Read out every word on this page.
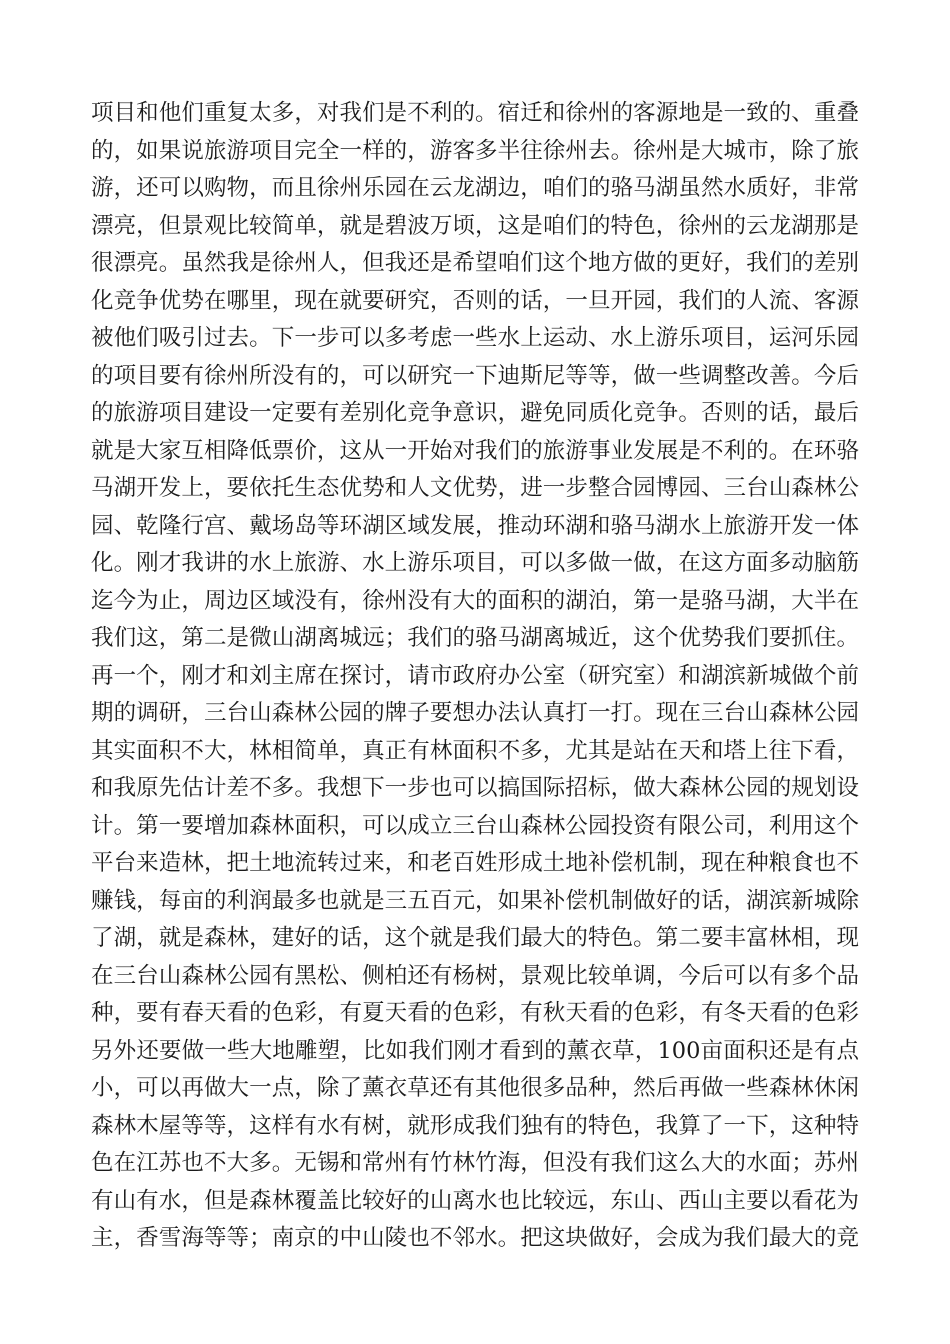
项目和他们重复太多，对我们是不利的。宿迁和徐州的客源地是一致的、重叠
的，如果说旅游项目完全一样的，游客多半往徐州去。徐州是大城市，除了旅
游，还可以购物，而且徐州乐园在云龙湖边，咱们的骆马湖虽然水质好，非常
漂亮，但景观比较简单，就是碧波万顷，这是咱们的特色，徐州的云龙湖那是
很漂亮。虽然我是徐州人，但我还是希望咱们这个地方做的更好，我们的差别
化竞争优势在哪里，现在就要研究，否则的话，一旦开园，我们的人流、客源
被他们吸引过去。下一步可以多考虑一些水上运动、水上游乐项目，运河乐园
的项目要有徐州所没有的，可以研究一下迪斯尼等等，做一些调整改善。今后
的旅游项目建设一定要有差别化竞争意识，避免同质化竞争。否则的话，最后
就是大家互相降低票价，这从一开始对我们的旅游事业发展是不利的。在环骆
马湖开发上，要依托生态优势和人文优势，进一步整合园博园、三台山森林公
园、乾隆行宫、戴场岛等环湖区域发展，推动环湖和骆马湖水上旅游开发一体
化。刚才我讲的水上旅游、水上游乐项目，可以多做一做，在这方面多动脑筋
迄今为止，周边区域没有，徐州没有大的面积的湖泊，第一是骆马湖，大半在
我们这，第二是微山湖离城远；我们的骆马湖离城近，这个优势我们要抓住。
再一个，刚才和刘主席在探讨，请市政府办公室（研究室）和湖滨新城做个前
期的调研，三台山森林公园的牌子要想办法认真打一打。现在三台山森林公园
其实面积不大，林相简单，真正有林面积不多，尤其是站在天和塔上往下看，
和我原先估计差不多。我想下一步也可以搞国际招标，做大森林公园的规划设
计。第一要增加森林面积，可以成立三台山森林公园投资有限公司，利用这个
平台来造林，把土地流转过来，和老百姓形成土地补偿机制，现在种粮食也不
赚钱，每亩的利润最多也就是三五百元，如果补偿机制做好的话，湖滨新城除
了湖，就是森林，建好的话，这个就是我们最大的特色。第二要丰富林相，现
在三台山森林公园有黑松、侧柏还有杨树，景观比较单调，今后可以有多个品
种，要有春天看的色彩，有夏天看的色彩，有秋天看的色彩，有冬天看的色彩
另外还要做一些大地雕塑，比如我们刚才看到的薰衣草，100亩面积还是有点
小，可以再做大一点，除了薰衣草还有其他很多品种，然后再做一些森林休闲
森林木屋等等，这样有水有树，就形成我们独有的特色，我算了一下，这种特
色在江苏也不大多。无锡和常州有竹林竹海，但没有我们这么大的水面；苏州
有山有水，但是森林覆盖比较好的山离水也比较远，东山、西山主要以看花为
主，香雪海等等；南京的中山陵也不邻水。把这块做好，会成为我们最大的竞
